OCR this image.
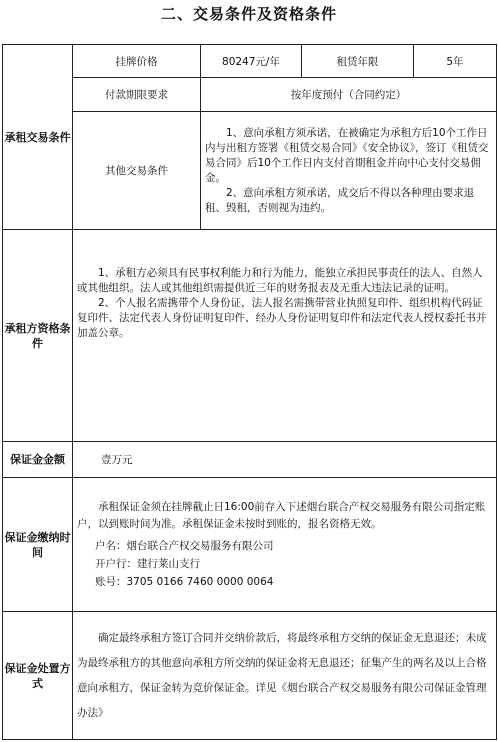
二、交易条件及资格条件
承租交易条件	挂牌价格	80247元/年	租赁年限	5年
	付款期限要求	按年度预付（合同约定）		
	其他交易条件	1、意向承租方须承诺，在被确定为承租方后10个工作日内与出租方签署《租赁交易合同》《安全协议》，签订《租赁交易合同》后10个工作日内支付首期租金并向中心支付交易佣金。

2、意向承租方须承诺，成交后不得以各种理由要求退租、毁租，否则视为违约。		

承租方资格条件	1、承租方必须具有民事权利能力和行为能力，能独立承担民事责任的法人、自然人或其他组织。法人或其他组织需提供近三年的财务报表及无重大违法记录的证明。

2、个人报名需携带个人身份证，法人报名需携带营业执照复印件、组织机构代码证复印件、法定代表人身份证明复印件、经办人身份证明复印件和法定代表人授权委托书并加盖公章。			

保证金金额	壹万元			
保证金缴纳时间	承租保证金须在挂牌截止日16:00前存入下述烟台联合产权交易服务有限公司指定账户，以到账时间为准。承租保证金未按时到账的，报名资格无效。

户名：烟台联合产权交易服务有限公司
开户行：建行莱山支行
账号：3705 0166 7460 0000 0064			

保证金处置方式	确定最终承租方签订合同并交纳价款后，将最终承租方交纳的保证金无息退还；未成为最终承租方的其他意向承租方所交纳的保证金将无息退还；征集产生的两名及以上合格意向承租方，保证金转为竞价保证金。详见《烟台联合产权交易服务有限公司保证金管理办法》			
